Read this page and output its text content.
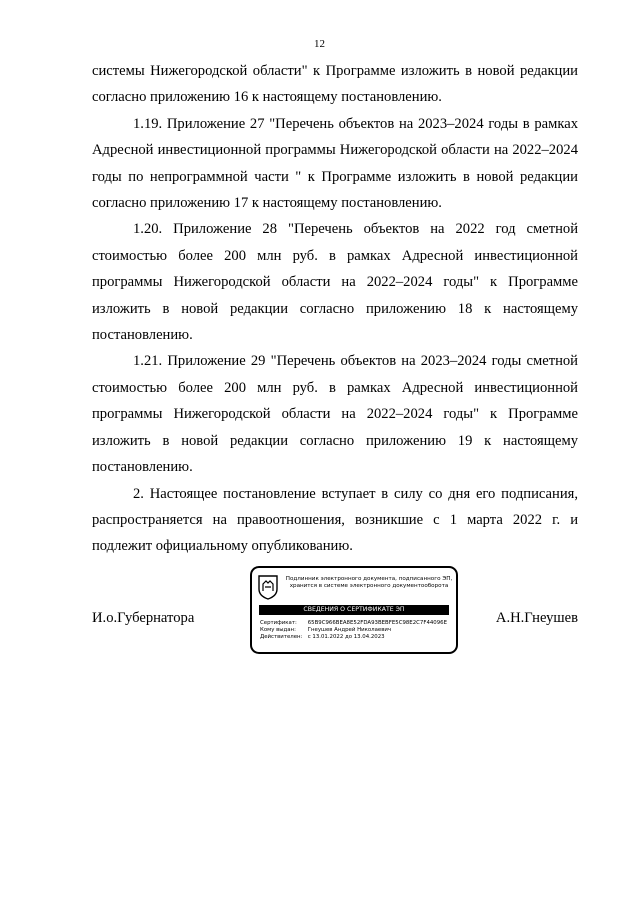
12

системы Нижегородской области" к Программе изложить в новой редакции согласно приложению 16 к настоящему постановлению.

1.19. Приложение 27 "Перечень объектов на 2023–2024 годы в рамках Адресной инвестиционной программы Нижегородской области на 2022–2024 годы по непрограммной части " к Программе изложить в новой редакции согласно приложению 17 к настоящему постановлению.

1.20. Приложение 28 "Перечень объектов на 2022 год сметной стоимостью более 200 млн руб. в рамках Адресной инвестиционной программы Нижегородской области на 2022–2024 годы" к Программе изложить в новой редакции согласно приложению 18 к настоящему постановлению.

1.21. Приложение 29 "Перечень объектов на 2023–2024 годы сметной стоимостью более 200 млн руб. в рамках Адресной инвестиционной программы Нижегородской области на 2022–2024 годы" к Программе изложить в новой редакции согласно приложению 19 к настоящему постановлению.

2. Настоящее постановление вступает в силу со дня его подписания, распространяется на правоотношения, возникшие с 1 марта 2022 г. и подлежит официальному опубликованию.

И.о.Губернатора	А.Н.Гнеушев
Подлинник электронного документа, подписанного ЭП, хранится в системе электронного документооборота
СВЕДЕНИЯ О СЕРТИФИКАТЕ ЭП
Сертификат: 65B9C966BEA8E52FDA93BEBFE5C98E2C7F44096E
Кому выдан: Гнеушев Андрей Николаевич
Действителен: с 13.01.2022 до 13.04.2023
